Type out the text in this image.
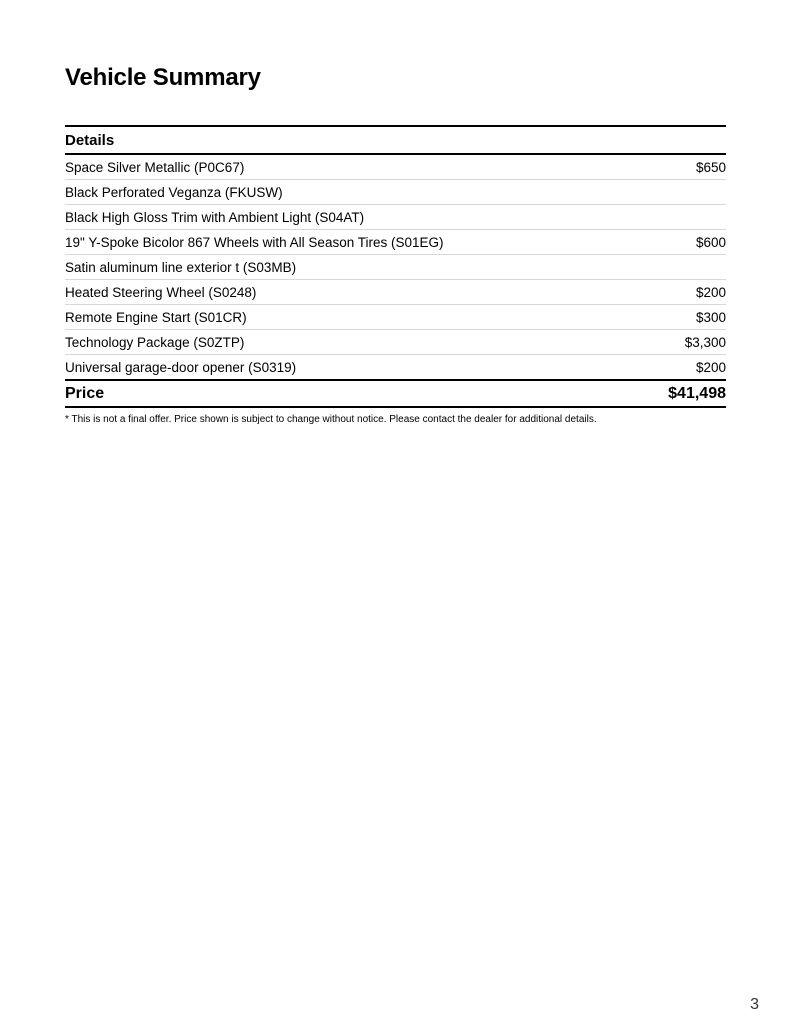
Vehicle Summary
Details
Space Silver Metallic (P0C67)	$650
Black Perforated Veganza (FKUSW)
Black High Gloss Trim with Ambient Light (S04AT)
19" Y-Spoke Bicolor 867 Wheels with All Season Tires (S01EG)	$600
Satin aluminum line exterior t (S03MB)
Heated Steering Wheel (S0248)	$200
Remote Engine Start (S01CR)	$300
Technology Package (S0ZTP)	$3,300
Universal garage-door opener (S0319)	$200
Price	$41,498
* This is not a final offer. Price shown is subject to change without notice. Please contact the dealer for additional details.
3
